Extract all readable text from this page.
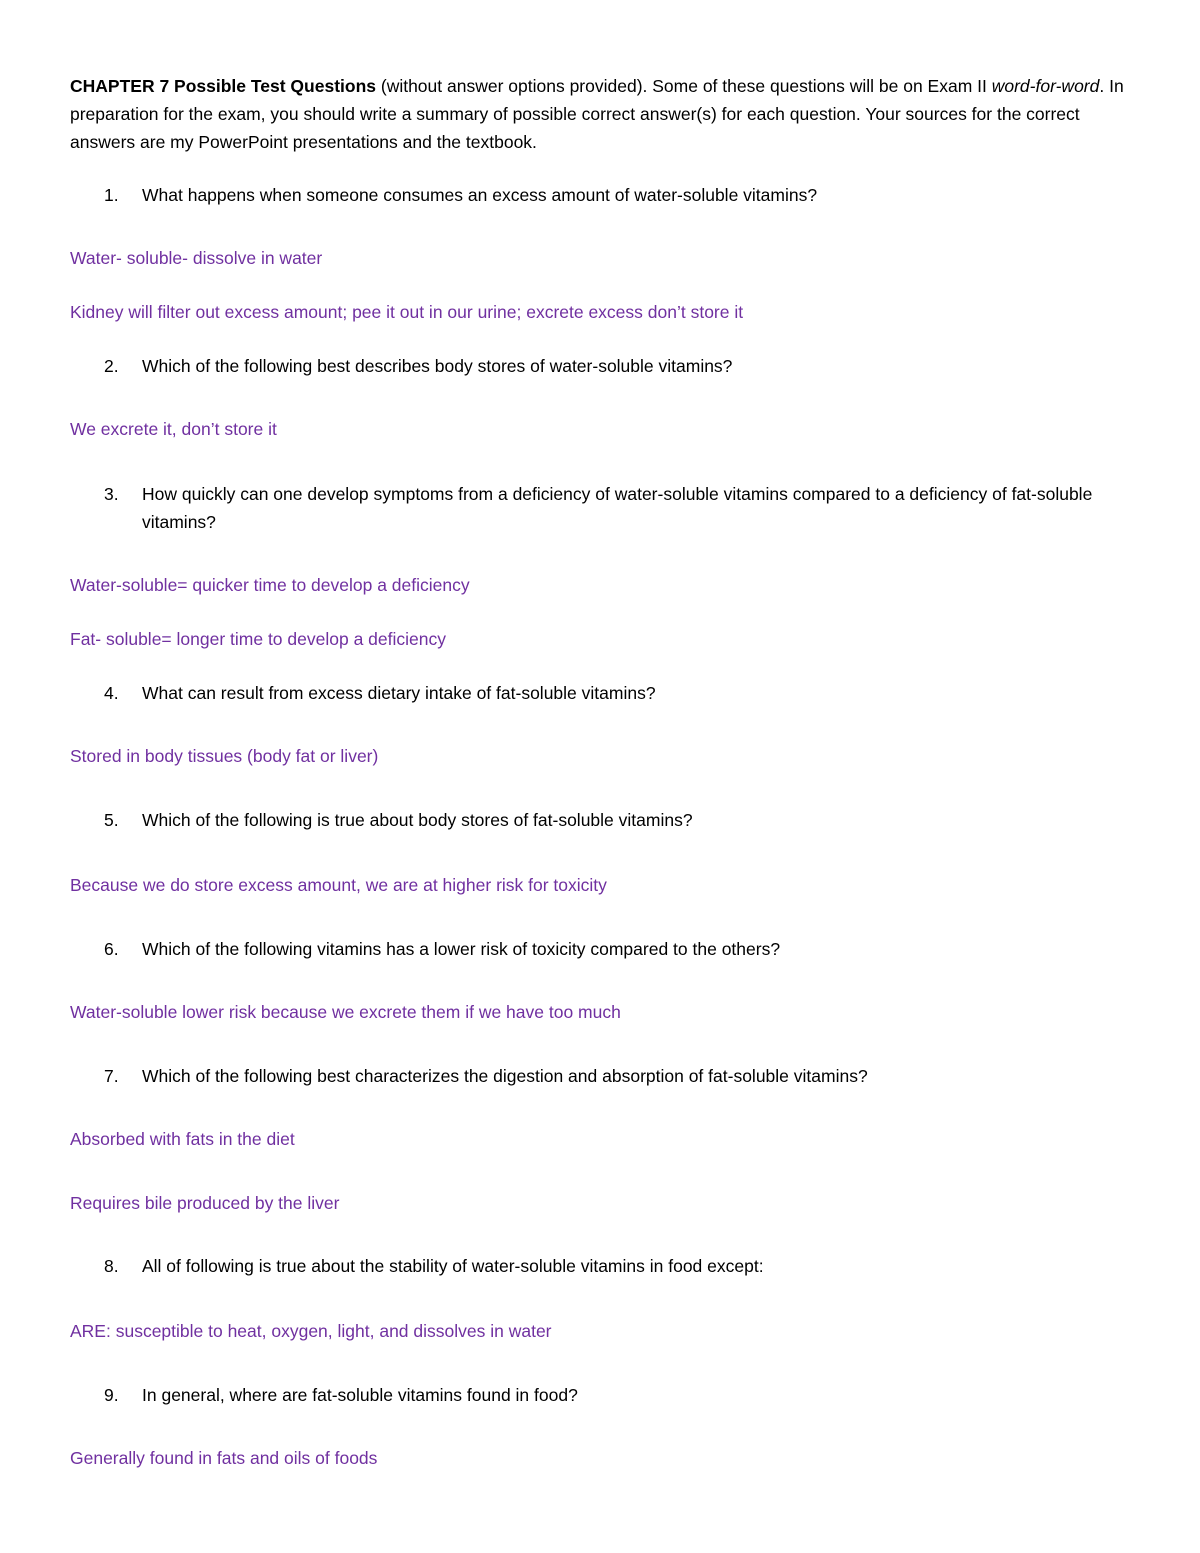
CHAPTER 7 Possible Test Questions (without answer options provided). Some of these questions will be on Exam II word-for-word. In preparation for the exam, you should write a summary of possible correct answer(s) for each question. Your sources for the correct answers are my PowerPoint presentations and the textbook.

1. What happens when someone consumes an excess amount of water-soluble vitamins?

Water- soluble- dissolve in water

Kidney will filter out excess amount; pee it out in our urine; excrete excess don’t store it

2. Which of the following best describes body stores of water-soluble vitamins?

We excrete it, don’t store it

3. How quickly can one develop symptoms from a deficiency of water-soluble vitamins compared to a deficiency of fat-soluble vitamins?

Water-soluble= quicker time to develop a deficiency

Fat- soluble= longer time to develop a deficiency

4. What can result from excess dietary intake of fat-soluble vitamins?

Stored in body tissues (body fat or liver)

5. Which of the following is true about body stores of fat-soluble vitamins?

Because we do store excess amount, we are at higher risk for toxicity

6. Which of the following vitamins has a lower risk of toxicity compared to the others?

Water-soluble lower risk because we excrete them if we have too much

7. Which of the following best characterizes the digestion and absorption of fat-soluble vitamins?

Absorbed with fats in the diet

Requires bile produced by the liver

8. All of following is true about the stability of water-soluble vitamins in food except:

ARE: susceptible to heat, oxygen, light, and dissolves in water

9. In general, where are fat-soluble vitamins found in food?

Generally found in fats and oils of foods
